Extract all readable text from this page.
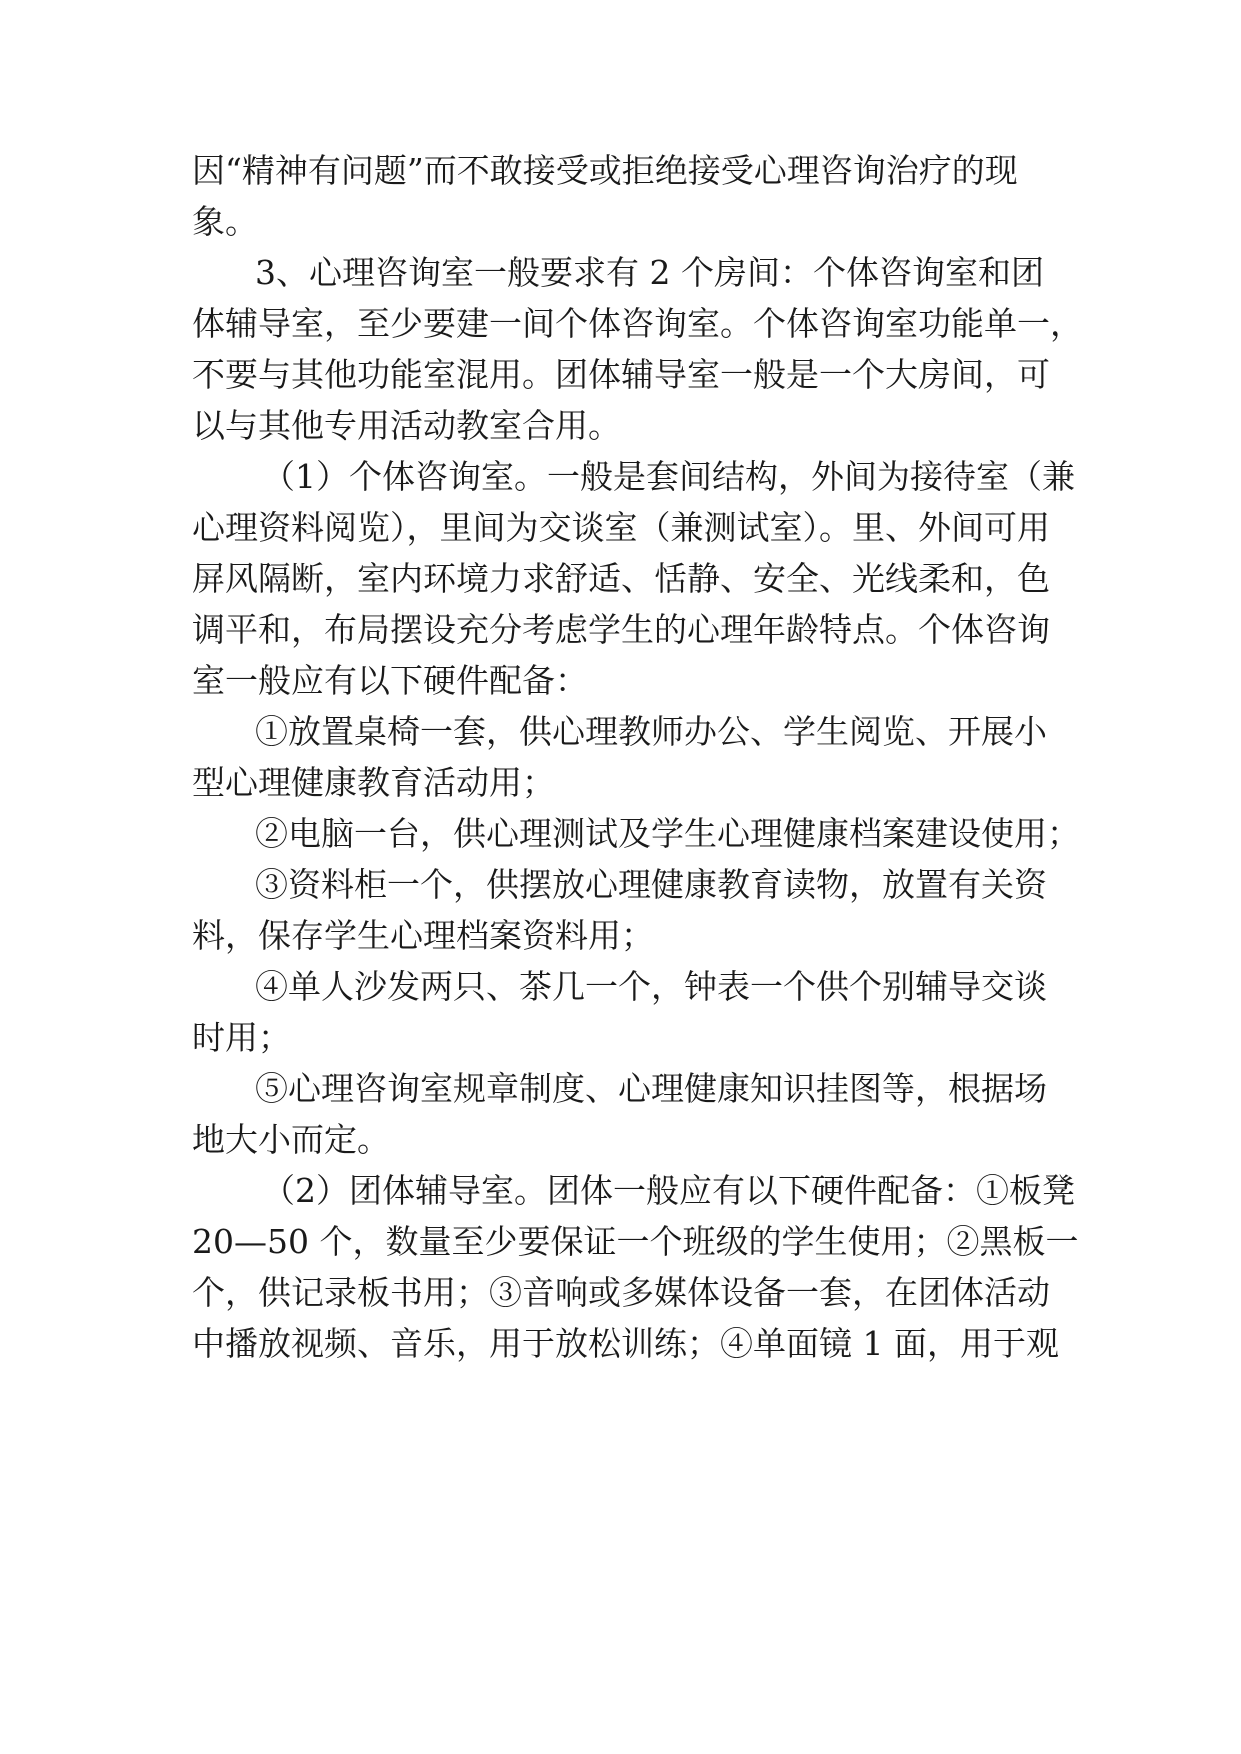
因“精神有问题”而不敢接受或拒绝接受心理咨询治疗的现
象。
3、心理咨询室一般要求有 2 个房间：个体咨询室和团
体辅导室，至少要建一间个体咨询室。个体咨询室功能单一，
不要与其他功能室混用。团体辅导室一般是一个大房间，可
以与其他专用活动教室合用。
（1）个体咨询室。一般是套间结构，外间为接待室（兼
心理资料阅览），里间为交谈室（兼测试室）。里、外间可用
屏风隔断，室内环境力求舒适、恬静、安全、光线柔和，色
调平和，布局摆设充分考虑学生的心理年龄特点。个体咨询
室一般应有以下硬件配备：
①放置桌椅一套，供心理教师办公、学生阅览、开展小
型心理健康教育活动用；
②电脑一台，供心理测试及学生心理健康档案建设使用；
③资料柜一个，供摆放心理健康教育读物，放置有关资
料，保存学生心理档案资料用；
④单人沙发两只、茶几一个，钟表一个供个别辅导交谈
时用；
⑤心理咨询室规章制度、心理健康知识挂图等，根据场
地大小而定。
（2）团体辅导室。团体一般应有以下硬件配备：①板凳
20—50 个，数量至少要保证一个班级的学生使用；②黑板一
个，供记录板书用；③音响或多媒体设备一套，在团体活动
中播放视频、音乐，用于放松训练；④单面镜 1 面，用于观
